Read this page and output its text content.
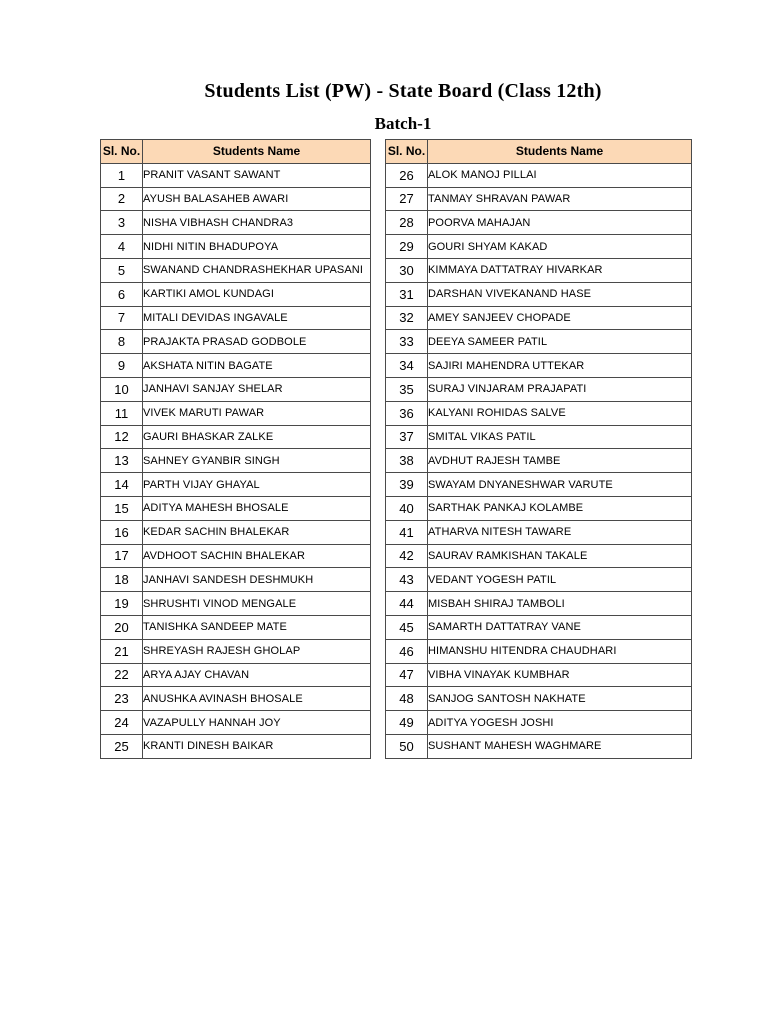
Students List (PW) - State Board (Class 12th)
Batch-1
Sl. No.	Students Name
1	PRANIT VASANT SAWANT
2	AYUSH BALASAHEB AWARI
3	NISHA VIBHASH CHANDRA3
4	NIDHI NITIN BHADUPOYA
5	SWANAND CHANDRASHEKHAR UPASANI
6	KARTIKI AMOL KUNDAGI
7	MITALI DEVIDAS INGAVALE
8	PRAJAKTA PRASAD GODBOLE
9	AKSHATA NITIN BAGATE
10	JANHAVI SANJAY SHELAR
11	VIVEK MARUTI PAWAR
12	GAURI BHASKAR ZALKE
13	SAHNEY GYANBIR SINGH
14	PARTH VIJAY GHAYAL
15	ADITYA MAHESH BHOSALE
16	KEDAR SACHIN BHALEKAR
17	AVDHOOT SACHIN BHALEKAR
18	JANHAVI SANDESH DESHMUKH
19	SHRUSHTI VINOD MENGALE
20	TANISHKA SANDEEP MATE
21	SHREYASH RAJESH GHOLAP
22	ARYA AJAY CHAVAN
23	ANUSHKA AVINASH BHOSALE
24	VAZAPULLY HANNAH JOY
25	KRANTI DINESH BAIKAR
Sl. No.	Students Name
26	ALOK MANOJ PILLAI
27	TANMAY SHRAVAN PAWAR
28	POORVA MAHAJAN
29	GOURI SHYAM KAKAD
30	KIMMAYA DATTATRAY HIVARKAR
31	DARSHAN VIVEKANAND HASE
32	AMEY SANJEEV CHOPADE
33	DEEYA SAMEER PATIL
34	SAJIRI MAHENDRA UTTEKAR
35	SURAJ VINJARAM PRAJAPATI
36	KALYANI ROHIDAS SALVE
37	SMITAL VIKAS PATIL
38	AVDHUT RAJESH TAMBE
39	SWAYAM DNYANESHWAR VARUTE
40	SARTHAK PANKAJ KOLAMBE
41	ATHARVA NITESH TAWARE
42	SAURAV RAMKISHAN TAKALE
43	VEDANT YOGESH PATIL
44	MISBAH SHIRAJ TAMBOLI
45	SAMARTH DATTATRAY VANE
46	HIMANSHU HITENDRA CHAUDHARI
47	VIBHA VINAYAK KUMBHAR
48	SANJOG SANTOSH NAKHATE
49	ADITYA YOGESH JOSHI
50	SUSHANT MAHESH WAGHMARE
